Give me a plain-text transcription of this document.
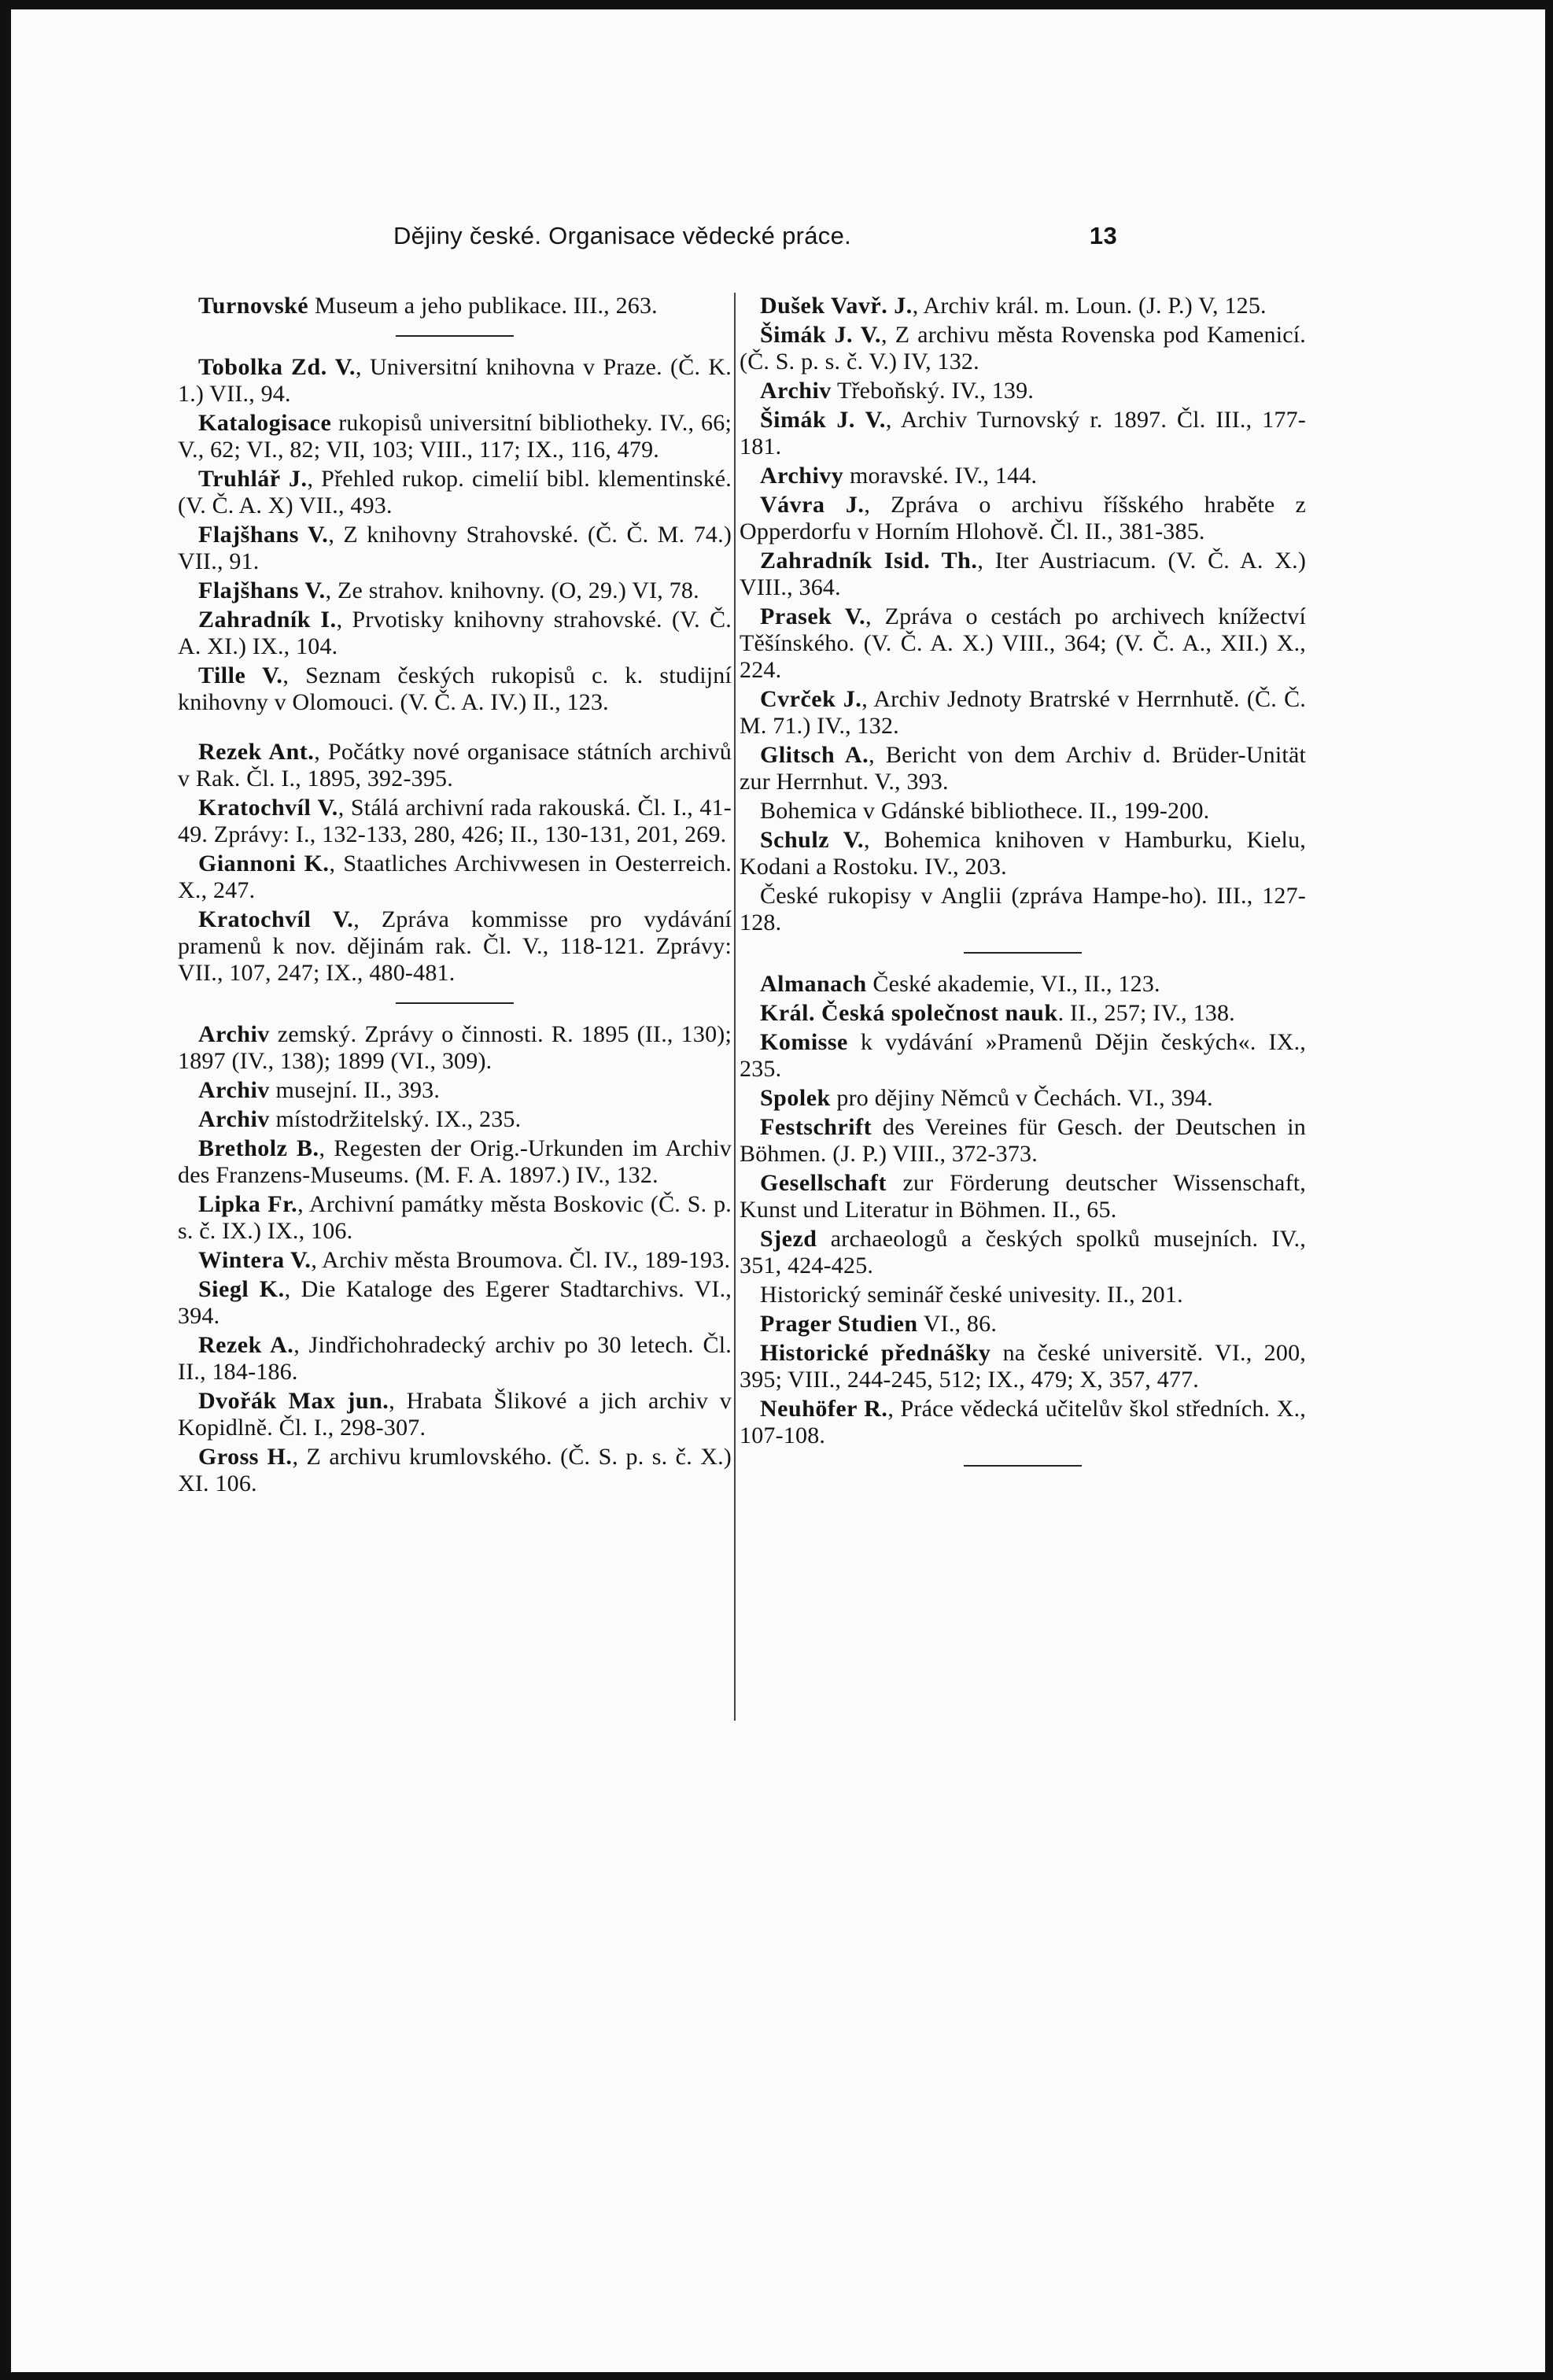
Dějiny české. Organisace vědecké práce.	13

Turnovské Museum a jeho publikace. III., 263.

Tobolka Zd. V., Universitní knihovna v Praze. (Č. K. 1.) VII., 94.

Katalogisace rukopisů universitní bibliotheky. IV., 66; V., 62; VI., 82; VII, 103; VIII., 117; IX., 116, 479.

Truhlář J., Přehled rukop. cimelií bibl. klementinské. (V. Č. A. X) VII., 493.

Flajšhans V., Z knihovny Strahovské. (Č. Č. M. 74.) VII., 91.

Flajšhans V., Ze strahov. knihovny. (O, 29.) VI, 78.

Zahradník I., Prvotisky knihovny strahovské. (V. Č. A. XI.) IX., 104.

Tille V., Seznam českých rukopisů c. k. studijní knihovny v Olomouci. (V. Č. A. IV.) II., 123.

Rezek Ant., Počátky nové organisace státních archivů v Rak. Čl. I., 1895, 392-395.

Kratochvíl V., Stálá archivní rada rakouská. Čl. I., 41-49. Zprávy: I., 132-133, 280, 426; II., 130-131, 201, 269.

Giannoni K., Staatliches Archivwesen in Oesterreich. X., 247.

Kratochvíl V., Zpráva kommisse pro vydávání pramenů k nov. dějinám rak. Čl. V., 118-121. Zprávy: VII., 107, 247; IX., 480-481.

Archiv zemský. Zprávy o činnosti. R. 1895 (II., 130); 1897 (IV., 138); 1899 (VI., 309).

Archiv musejní. II., 393.

Archiv místodržitelský. IX., 235.

Bretholz B., Regesten der Orig.-Urkunden im Archiv des Franzens-Museums. (M. F. A. 1897.) IV., 132.

Lipka Fr., Archivní památky města Boskovic (Č. S. p. s. č. IX.) IX., 106.

Wintera V., Archiv města Broumova. Čl. IV., 189-193.

Siegl K., Die Kataloge des Egerer Stadtarchivs. VI., 394.

Rezek A., Jindřichohradecký archiv po 30 letech. Čl. II., 184-186.

Dvořák Max jun., Hrabata Šlikové a jich archiv v Kopidlně. Čl. I., 298-307.

Gross H., Z archivu krumlovského. (Č. S. p. s. č. X.) XI. 106.

Dušek Vavř. J., Archiv král. m. Loun. (J. P.) V, 125.

Šimák J. V., Z archivu města Rovenska pod Kamenicí. (Č. S. p. s. č. V.) IV, 132.

Archiv Třeboňský. IV., 139.

Šimák J. V., Archiv Turnovský r. 1897. Čl. III., 177-181.

Archivy moravské. IV., 144.

Vávra J., Zpráva o archivu říšského hraběte z Opperdorfu v Horním Hlohově. Čl. II., 381-385.

Zahradník Isid. Th., Iter Austriacum. (V. Č. A. X.) VIII., 364.

Prasek V., Zpráva o cestách po archivech knížectví Těšínského. (V. Č. A. X.) VIII., 364; (V. Č. A., XII.) X., 224.

Cvrček J., Archiv Jednoty Bratrské v Herrnhutě. (Č. Č. M. 71.) IV., 132.

Glitsch A., Bericht von dem Archiv d. Brüder-Unität zur Herrnhut. V., 393.

Bohemica v Gdánské bibliothece. II., 199-200.

Schulz V., Bohemica knihoven v Hamburku, Kielu, Kodani a Rostoku. IV., 203.

České rukopisy v Anglii (zpráva Hampe-ho). III., 127-128.

Almanach České akademie, VI., II., 123.

Král. Česká společnost nauk. II., 257; IV., 138.

Komisse k vydávání »Pramenů Dějin českých«. IX., 235.

Spolek pro dějiny Němců v Čechách. VI., 394.

Festschrift des Vereines für Gesch. der Deutschen in Böhmen. (J. P.) VIII., 372-373.

Gesellschaft zur Förderung deutscher Wissenschaft, Kunst und Literatur in Böhmen. II., 65.

Sjezd archaeologů a českých spolků musejních. IV., 351, 424-425.

Historický seminář české univesity. II., 201.

Prager Studien VI., 86.

Historické přednášky na české universitě. VI., 200, 395; VIII., 244-245, 512; IX., 479; X, 357, 477.

Neuhöfer R., Práce vědecká učitelův škol středních. X., 107-108.
